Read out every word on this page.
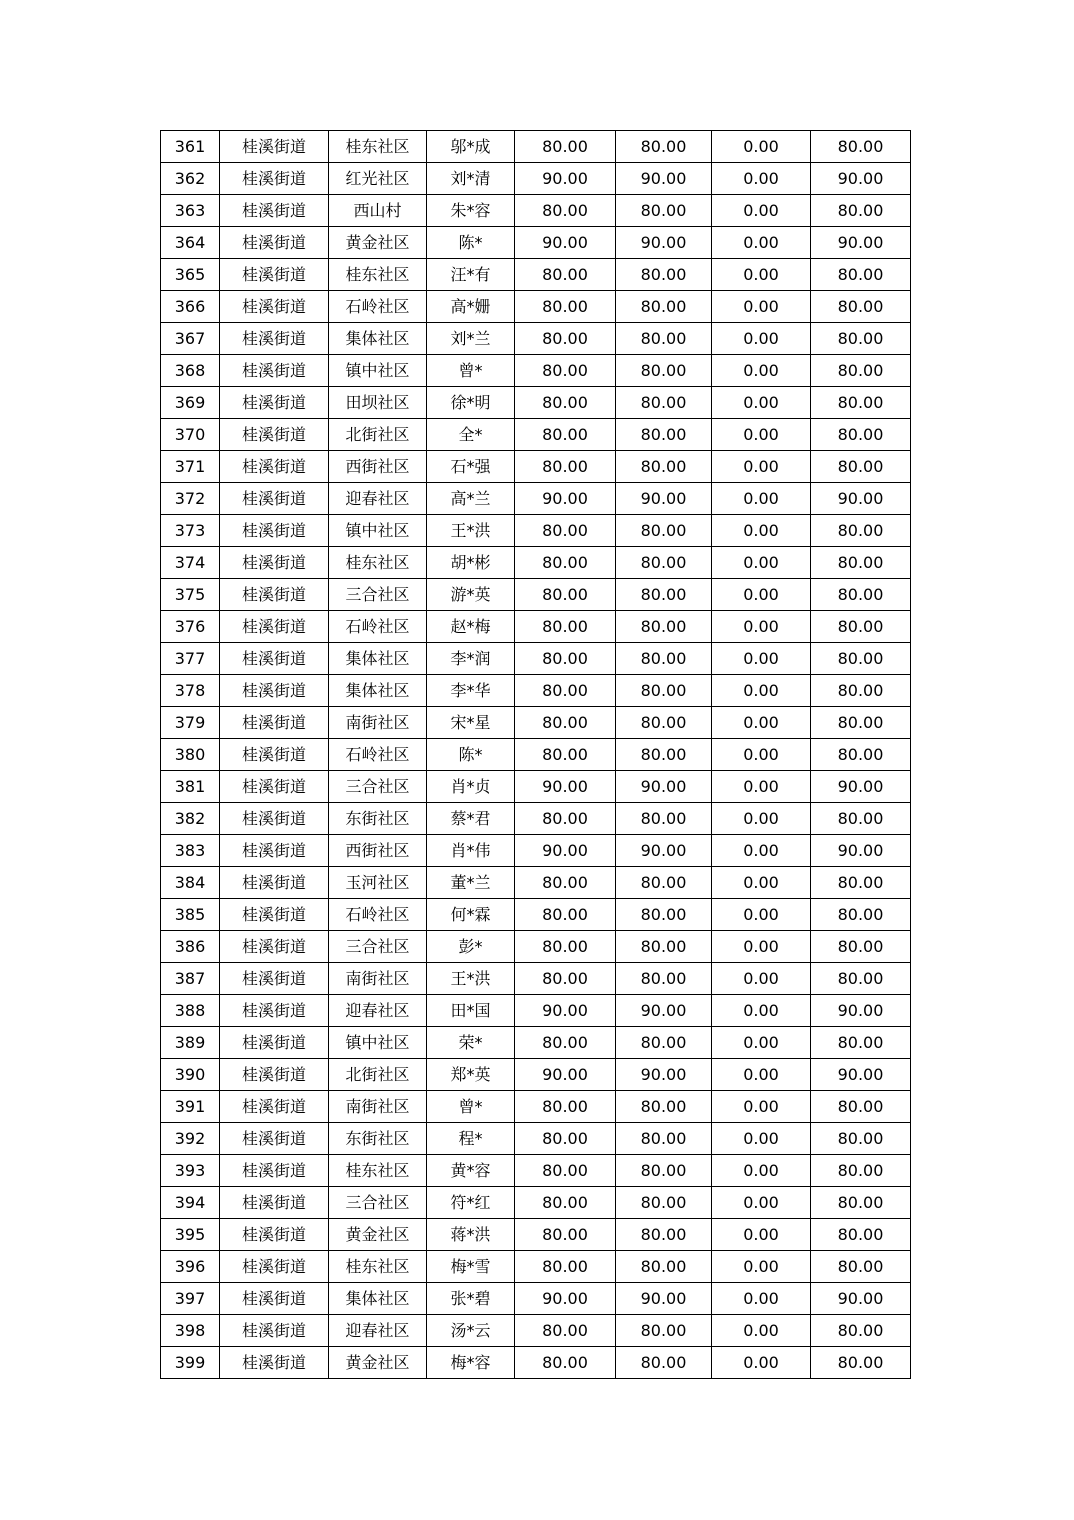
361	桂溪街道	桂东社区	邬*成	80.00	80.00	0.00	80.00
362	桂溪街道	红光社区	刘*清	90.00	90.00	0.00	90.00
363	桂溪街道	西山村	朱*容	80.00	80.00	0.00	80.00
364	桂溪街道	黄金社区	陈*	90.00	90.00	0.00	90.00
365	桂溪街道	桂东社区	汪*有	80.00	80.00	0.00	80.00
366	桂溪街道	石岭社区	高*姗	80.00	80.00	0.00	80.00
367	桂溪街道	集体社区	刘*兰	80.00	80.00	0.00	80.00
368	桂溪街道	镇中社区	曾*	80.00	80.00	0.00	80.00
369	桂溪街道	田坝社区	徐*明	80.00	80.00	0.00	80.00
370	桂溪街道	北街社区	全*	80.00	80.00	0.00	80.00
371	桂溪街道	西街社区	石*强	80.00	80.00	0.00	80.00
372	桂溪街道	迎春社区	高*兰	90.00	90.00	0.00	90.00
373	桂溪街道	镇中社区	王*洪	80.00	80.00	0.00	80.00
374	桂溪街道	桂东社区	胡*彬	80.00	80.00	0.00	80.00
375	桂溪街道	三合社区	游*英	80.00	80.00	0.00	80.00
376	桂溪街道	石岭社区	赵*梅	80.00	80.00	0.00	80.00
377	桂溪街道	集体社区	李*润	80.00	80.00	0.00	80.00
378	桂溪街道	集体社区	李*华	80.00	80.00	0.00	80.00
379	桂溪街道	南街社区	宋*星	80.00	80.00	0.00	80.00
380	桂溪街道	石岭社区	陈*	80.00	80.00	0.00	80.00
381	桂溪街道	三合社区	肖*贞	90.00	90.00	0.00	90.00
382	桂溪街道	东街社区	蔡*君	80.00	80.00	0.00	80.00
383	桂溪街道	西街社区	肖*伟	90.00	90.00	0.00	90.00
384	桂溪街道	玉河社区	董*兰	80.00	80.00	0.00	80.00
385	桂溪街道	石岭社区	何*霖	80.00	80.00	0.00	80.00
386	桂溪街道	三合社区	彭*	80.00	80.00	0.00	80.00
387	桂溪街道	南街社区	王*洪	80.00	80.00	0.00	80.00
388	桂溪街道	迎春社区	田*国	90.00	90.00	0.00	90.00
389	桂溪街道	镇中社区	荣*	80.00	80.00	0.00	80.00
390	桂溪街道	北街社区	郑*英	90.00	90.00	0.00	90.00
391	桂溪街道	南街社区	曾*	80.00	80.00	0.00	80.00
392	桂溪街道	东街社区	程*	80.00	80.00	0.00	80.00
393	桂溪街道	桂东社区	黄*容	80.00	80.00	0.00	80.00
394	桂溪街道	三合社区	符*红	80.00	80.00	0.00	80.00
395	桂溪街道	黄金社区	蒋*洪	80.00	80.00	0.00	80.00
396	桂溪街道	桂东社区	梅*雪	80.00	80.00	0.00	80.00
397	桂溪街道	集体社区	张*碧	90.00	90.00	0.00	90.00
398	桂溪街道	迎春社区	汤*云	80.00	80.00	0.00	80.00
399	桂溪街道	黄金社区	梅*容	80.00	80.00	0.00	80.00
